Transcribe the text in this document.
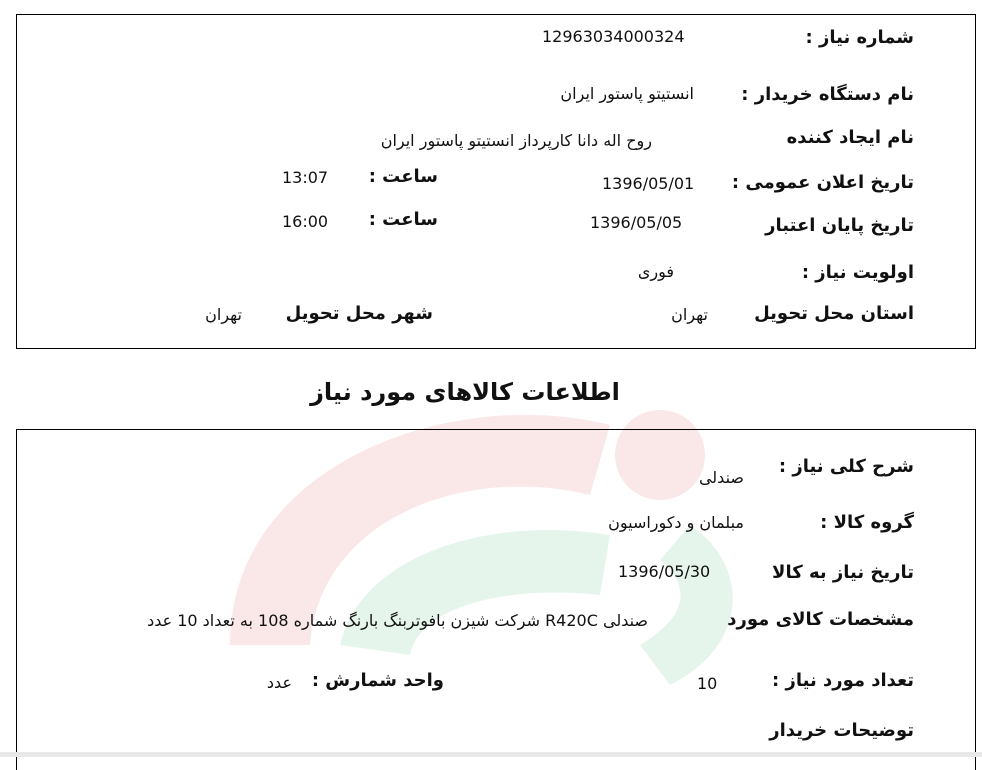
شماره نیاز :
12963034000324
نام دستگاه خریدار :
انستیتو پاستور ایران
نام ایجاد کننده
روح اله دانا کارپرداز انستیتو پاستور ایران
تاریخ اعلان عمومی :
1396/05/01
ساعت :
13:07
تاریخ پایان اعتبار
1396/05/05
ساعت :
16:00
اولویت نیاز :
فوری
استان محل تحویل
تهران
شهر محل تحویل
تهران
اطلاعات کالاهای مورد نیاز
شرح کلی نیاز :
صندلی
گروه کالا :
مبلمان و دکوراسیون
تاریخ نیاز به کالا
1396/05/30
مشخصات کالای مورد
صندلی R420C شرکت شیزن بافوتربنگ بارنگ شماره 108 به تعداد 10 عدد
تعداد مورد نیاز :
10
واحد شمارش :
عدد
توضیحات خریدار
